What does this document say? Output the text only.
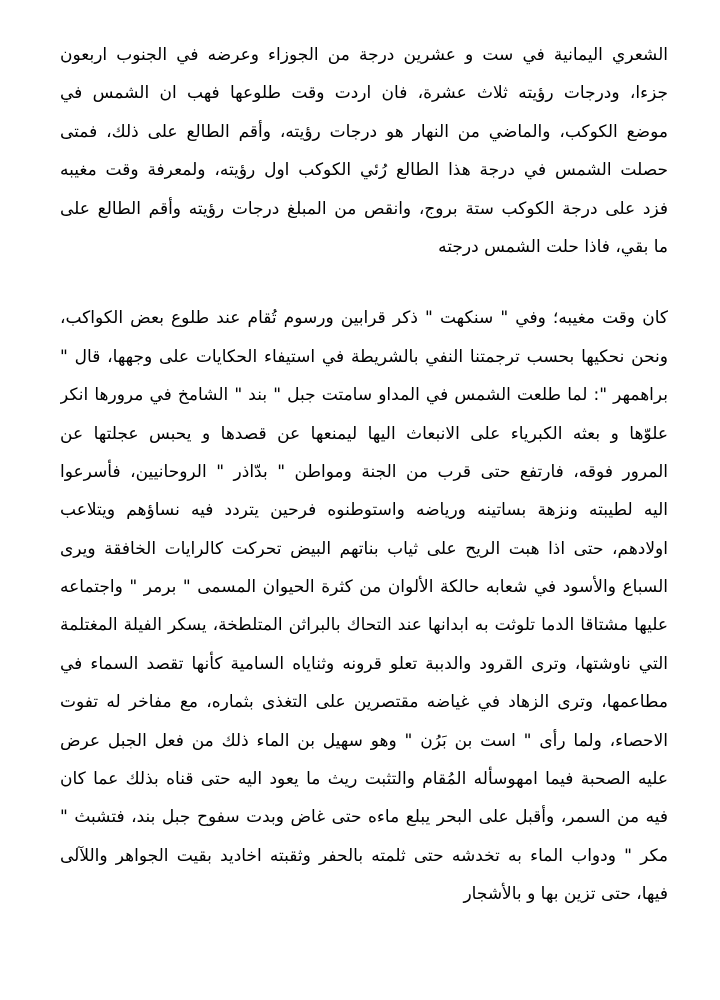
الشعري اليمانية في ست و عشرين درجة من الجوزاء وعرضه في الجنوب اربعون
جزءا، ودرجات رؤيته ثلاث عشرة، فان اردت وقت طلوعها فهب ان الشمس في
موضع الكوكب، والماضي من النهار هو درجات رؤيته، وأقم الطالع على ذلك، فمتى
حصلت الشمس في درجة هذا الطالع رُئي الكوكب اول رؤيته، ولمعرفة وقت مغيبه
فزد على درجة الكوكب ستة بروج، وانقص من المبلغ درجات رؤيته وأقم الطالع على
ما بقي، فاذا حلت الشمس درجته

كان وقت مغيبه؛ وفي " سنكهت " ذكر قرابين ورسوم تُقام عند طلوع بعض الكواكب،
ونحن نحكيها بحسب ترجمتنا النفي بالشريطة في استيفاء الحكايات على وجهها، قال "
براهمهر ": لما طلعت الشمس في المداو سامتت جبل " بند " الشامخ في مرورها انكر
علوّها و بعثه الكبرياء على الانبعاث اليها ليمنعها عن قصدها و يحبس عجلتها عن
المرور فوقه، فارتفع حتى قرب من الجنة ومواطن " بدّاذر " الروحانيين، فأسرعوا
اليه لطيبته ونزهة بساتينه ورياضه واستوطنوه فرحين يتردد فيه نساؤهم ويتلاعب
اولادهم، حتى اذا هبت الريح على ثياب بناتهم البيض تحركت كالرايات الخافقة ويرى
السباع والأسود في شعابه حالكة الألوان من كثرة الحيوان المسمى " برمر " واجتماعه
عليها مشتاقا الدما تلوثت به ابدانها عند التحاك بالبراثن المتلطخة، يسكر الفيلة المغتلمة
التي ناوشتها، وترى القرود والدببة تعلو قرونه وثناياه السامية كأنها تقصد السماء في
مطاعمها، وترى الزهاد في غياضه مقتصرين على التغذى بثماره، مع مفاخر له تفوت
الاحصاء، ولما رأى " است بن بَرُن " وهو سهيل بن الماء ذلك من فعل الجبل عرض
عليه الصحبة فيما امهوسأله المُقام والتثبت ريث ما يعود اليه حتى قناه بذلك عما كان
فيه من السمر، وأقبل على البحر يبلع ماءه حتى غاض وبدت سفوح جبل بند، فتشبث "
مكر " ودواب الماء به تخدشه حتى ثلمته بالحفر وثقبته اخاديد بقيت الجواهر واللآلى
فيها، حتى تزين بها و بالأشجار
